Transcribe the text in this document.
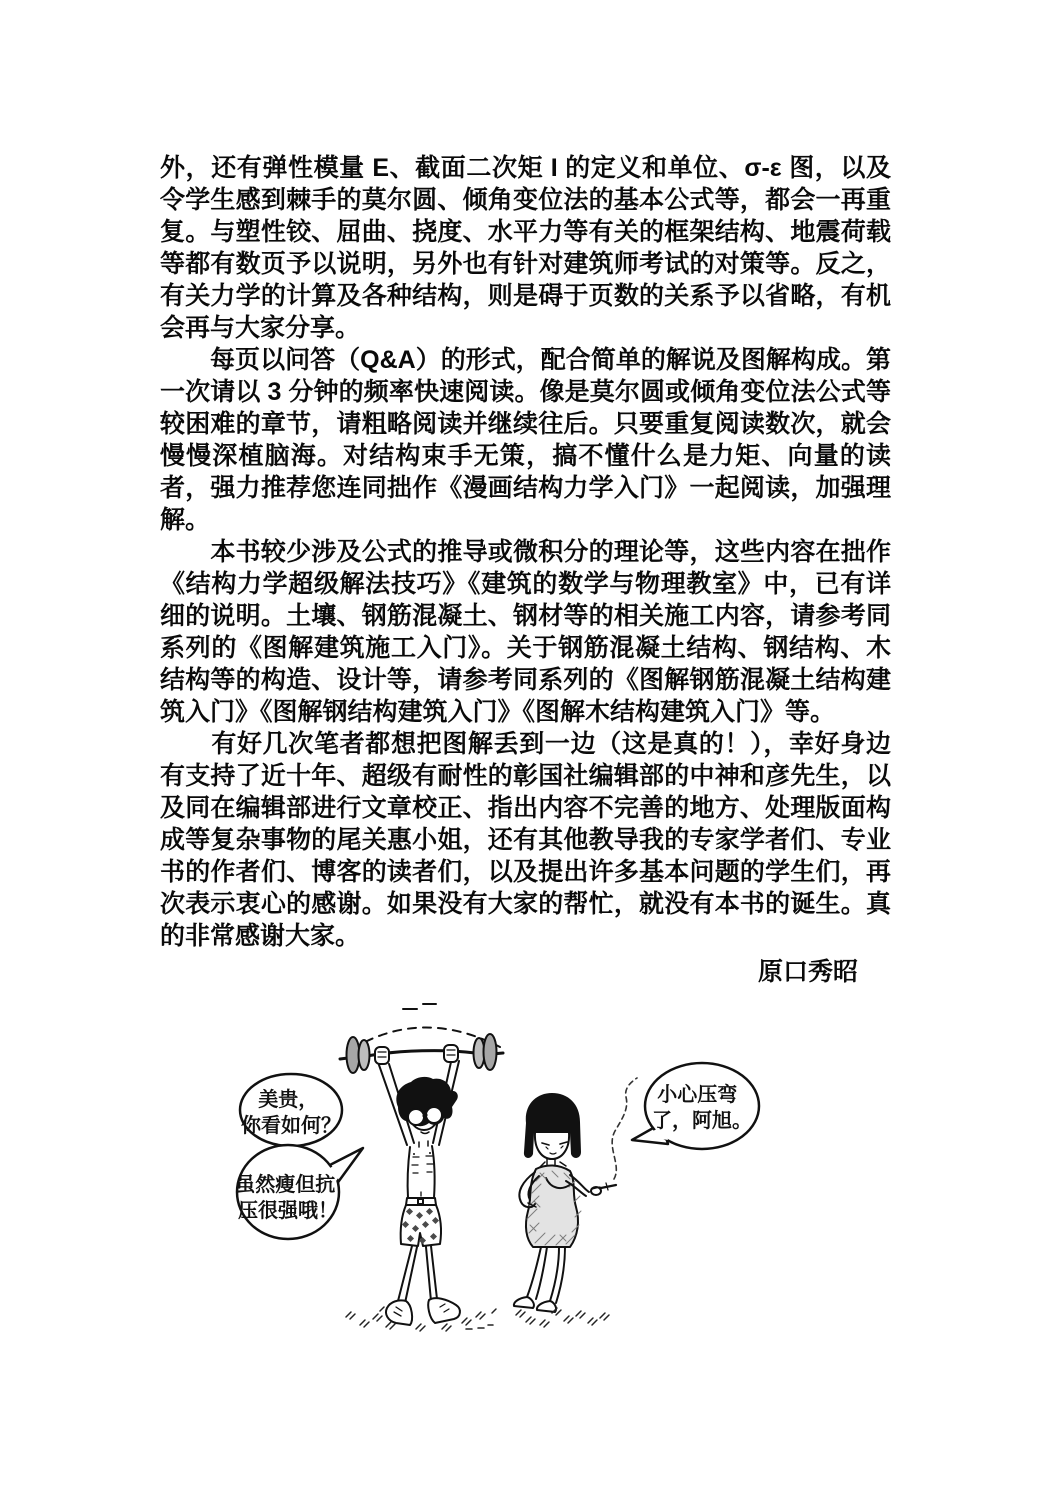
外，还有弹性模量 E、截面二次矩 I 的定义和单位、σ-ε 图，以及令学生感到棘手的莫尔圆、倾角变位法的基本公式等，都会一再重复。与塑性铰、屈曲、挠度、水平力等有关的框架结构、地震荷载等都有数页予以说明，另外也有针对建筑师考试的对策等。反之，有关力学的计算及各种结构，则是碍于页数的关系予以省略，有机会再与大家分享。

　　每页以问答（Q&A）的形式，配合简单的解说及图解构成。第一次请以 3 分钟的频率快速阅读。像是莫尔圆或倾角变位法公式等较困难的章节，请粗略阅读并继续往后。只要重复阅读数次，就会慢慢深植脑海。对结构束手无策，搞不懂什么是力矩、向量的读者，强力推荐您连同拙作《漫画结构力学入门》一起阅读，加强理解。

　　本书较少涉及公式的推导或微积分的理论等，这些内容在拙作《结构力学超级解法技巧》《建筑的数学与物理教室》中，已有详细的说明。土壤、钢筋混凝土、钢材等的相关施工内容，请参考同系列的《图解建筑施工入门》。关于钢筋混凝土结构、钢结构、木结构等的构造、设计等，请参考同系列的《图解钢筋混凝土结构建筑入门》《图解钢结构建筑入门》《图解木结构建筑入门》等。

　　有好几次笔者都想把图解丢到一边（这是真的！），幸好身边有支持了近十年、超级有耐性的彰国社编辑部的中神和彦先生，以及同在编辑部进行文章校正、指出内容不完善的地方、处理版面构成等复杂事物的尾关惠小姐，还有其他教导我的专家学者们、专业书的作者们、博客的读者们，以及提出许多基本问题的学生们，再次表示衷心的感谢。如果没有大家的帮忙，就没有本书的诞生。真的非常感谢大家。

原口秀昭
美贵， 你看如何？
虽然瘦但抗 压很强哦！
小心压弯 了，阿旭。
